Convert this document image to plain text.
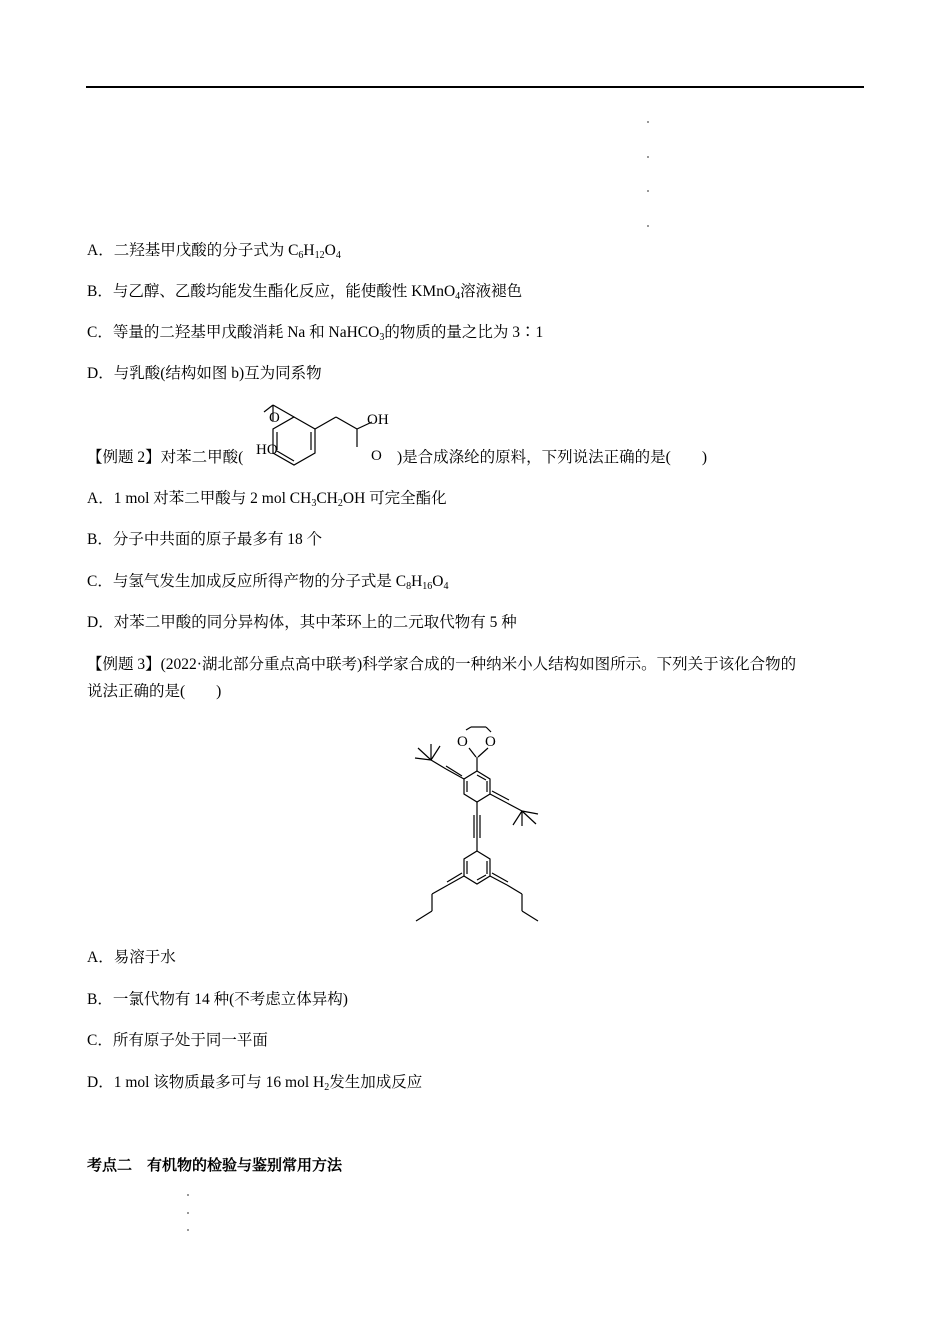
A．二羟基甲戊酸的分子式为 $C_6H_{12}O_4$
B．与乙醇、乙酸均能发生酯化反应，能使酸性 KMnO$_4$溶液褪色
C．等量的二羟基甲戊酸消耗 Na 和 NaHCO$_3$的物质的量之比为 3∶1
D．与乳酸(结构如图 b)互为同系物
【例题 2】对苯二甲酸(
O	OH
HO	O )是合成涤纶的原料，下列说法正确的是(　　)
A．1 mol 对苯二甲酸与 2 mol $CH_3CH_2OH$ 可完全酯化
B．分子中共面的原子最多有 18 个
C．与氢气发生加成反应所得产物的分子式是 $C_8H_{16}O_4$
D．对苯二甲酸的同分异构体，其中苯环上的二元取代物有 5 种
【例题 3】(2022·湖北部分重点高中联考)科学家合成的一种纳米小人结构如图所示。下列关于该化合物的
说法正确的是(　　)
O O
A．易溶于水
B．一氯代物有 14 种(不考虑立体异构)
C．所有原子处于同一平面
D．1 mol 该物质最多可与 16 mol $H_2$发生加成反应
考点二　有机物的检验与鉴别常用方法
